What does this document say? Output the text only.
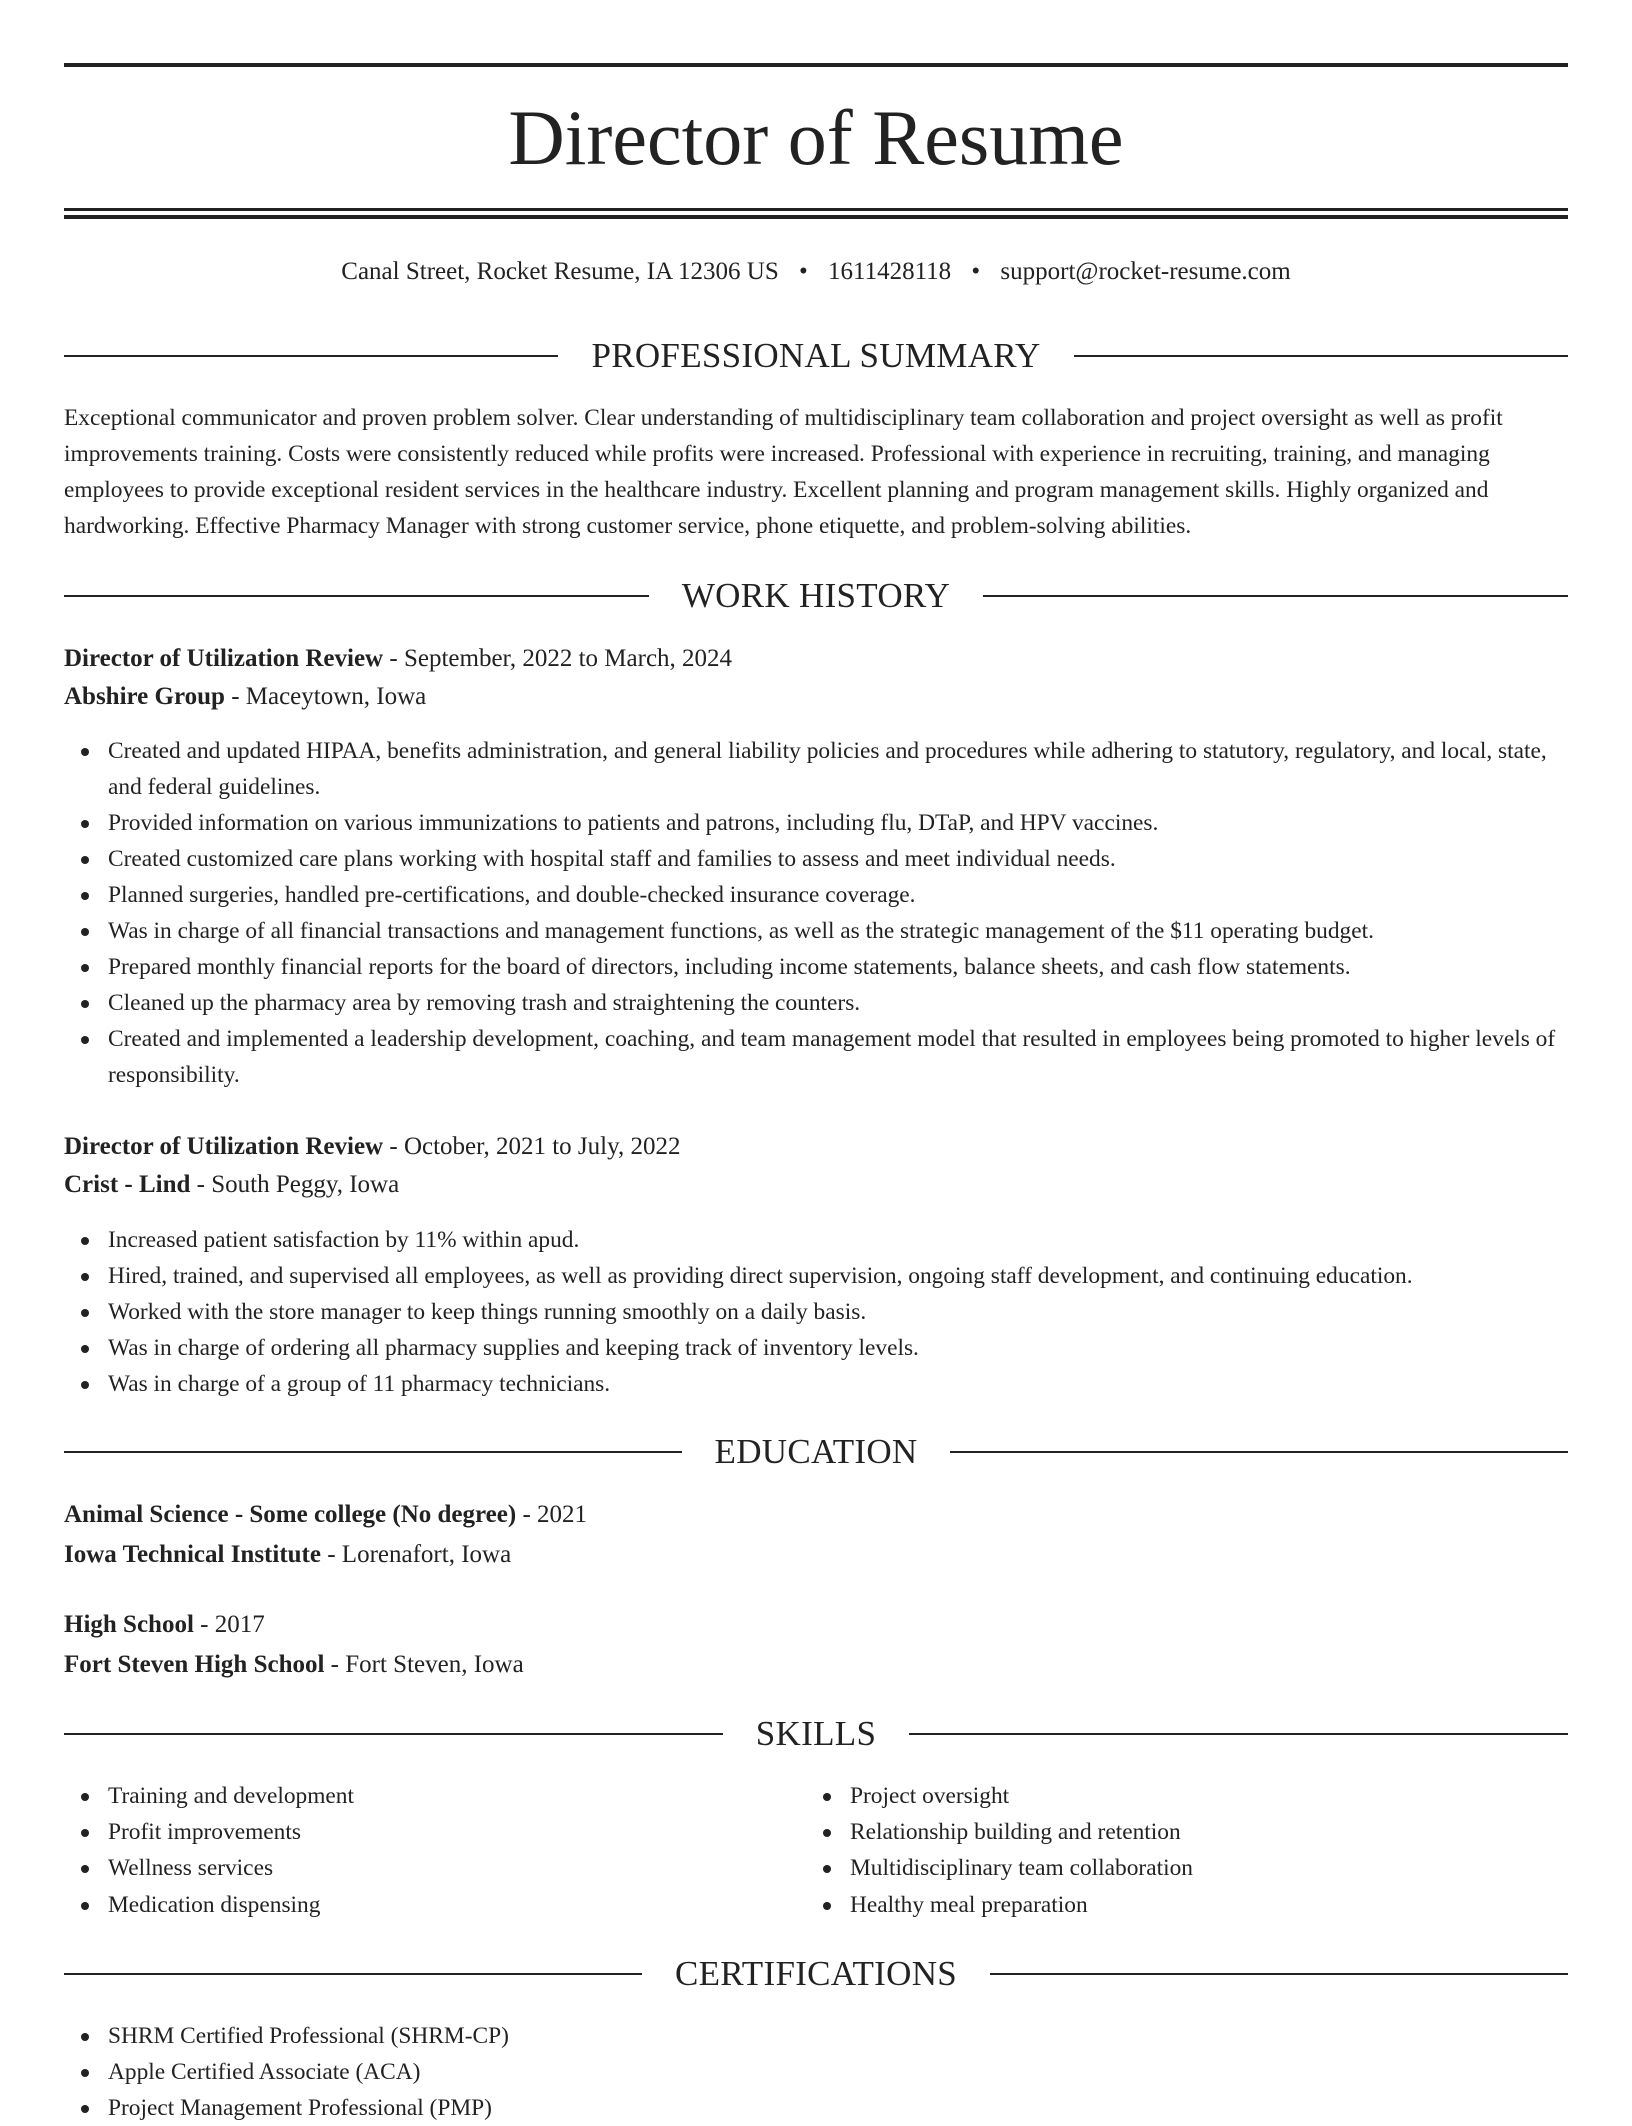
Director of Resume
Canal Street, Rocket Resume, IA 12306 US • 1611428118 • support@rocket-resume.com
PROFESSIONAL SUMMARY

Exceptional communicator and proven problem solver. Clear understanding of multidisciplinary team collaboration and project oversight as well as profit improvements training. Costs were consistently reduced while profits were increased. Professional with experience in recruiting, training, and managing employees to provide exceptional resident services in the healthcare industry. Excellent planning and program management skills. Highly organized and hardworking. Effective Pharmacy Manager with strong customer service, phone etiquette, and problem-solving abilities.

WORK HISTORY
Director of Utilization Review - September, 2022 to March, 2024
Abshire Group - Maceytown, Iowa
Created and updated HIPAA, benefits administration, and general liability policies and procedures while adhering to statutory, regulatory, and local, state, and federal guidelines.
Provided information on various immunizations to patients and patrons, including flu, DTaP, and HPV vaccines.
Created customized care plans working with hospital staff and families to assess and meet individual needs.
Planned surgeries, handled pre-certifications, and double-checked insurance coverage.
Was in charge of all financial transactions and management functions, as well as the strategic management of the $11 operating budget.
Prepared monthly financial reports for the board of directors, including income statements, balance sheets, and cash flow statements.
Cleaned up the pharmacy area by removing trash and straightening the counters.
Created and implemented a leadership development, coaching, and team management model that resulted in employees being promoted to higher levels of responsibility.
Director of Utilization Review - October, 2021 to July, 2022
Crist - Lind - South Peggy, Iowa
Increased patient satisfaction by 11% within apud.
Hired, trained, and supervised all employees, as well as providing direct supervision, ongoing staff development, and continuing education.
Worked with the store manager to keep things running smoothly on a daily basis.
Was in charge of ordering all pharmacy supplies and keeping track of inventory levels.
Was in charge of a group of 11 pharmacy technicians.
EDUCATION
Animal Science - Some college (No degree) - 2021
Iowa Technical Institute - Lorenafort, Iowa
High School - 2017
Fort Steven High School - Fort Steven, Iowa
SKILLS
Training and development
Profit improvements
Wellness services
Medication dispensing
Project oversight
Relationship building and retention
Multidisciplinary team collaboration
Healthy meal preparation
CERTIFICATIONS
SHRM Certified Professional (SHRM-CP)
Apple Certified Associate (ACA)
Project Management Professional (PMP)
